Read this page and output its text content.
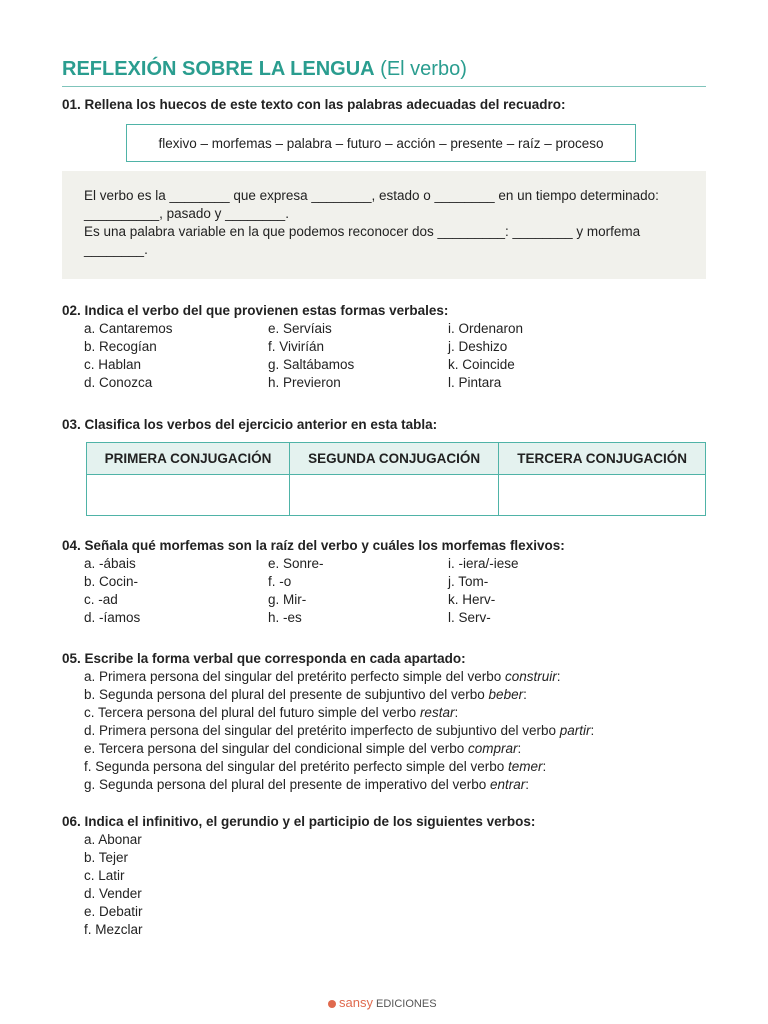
REFLEXIÓN SOBRE LA LENGUA (El verbo)
01. Rellena los huecos de este texto con las palabras adecuadas del recuadro:
flexivo – morfemas – palabra – futuro – acción – presente – raíz – proceso
El verbo es la ________ que expresa ________, estado o ________ en un tiempo determinado:
__________, pasado y ________.
Es una palabra variable en la que podemos reconocer dos _________: ________ y morfema
________.
02. Indica el verbo del que provienen estas formas verbales:
a. Cantaremos
b. Recogían
c. Hablan
d. Conozca
e. Servíais
f. Viviríán
g. Saltábamos
h. Previeron
i. Ordenaron
j. Deshizo
k. Coincide
l. Pintara
03. Clasifica los verbos del ejercicio anterior en esta tabla:
PRIMERA CONJUGACIÓN	SEGUNDA CONJUGACIÓN	TERCERA CONJUGACIÓN

04. Señala qué morfemas son la raíz del verbo y cuáles los morfemas flexivos:
a. -ábais
b. Cocin-
c. -ad
d. -íamos
e. Sonre-
f. -o
g. Mir-
h. -es
i. -iera/-iese
j. Tom-
k. Herv-
l. Serv-
05. Escribe la forma verbal que corresponda en cada apartado:
a. Primera persona del singular del pretérito perfecto simple del verbo construir:
b. Segunda persona del plural del presente de subjuntivo del verbo beber:
c. Tercera persona del plural del futuro simple del verbo restar:
d. Primera persona del singular del pretérito imperfecto de subjuntivo del verbo partir:
e. Tercera persona del singular del condicional simple del verbo comprar:
f. Segunda persona del singular del pretérito perfecto simple del verbo temer:
g. Segunda persona del plural del presente de imperativo del verbo entrar:
06. Indica el infinitivo, el gerundio y el participio de los siguientes verbos:
a. Abonar
b. Tejer
c. Latir
d. Vender
e. Debatir
f. Mezclar
sansy EDICIONES
